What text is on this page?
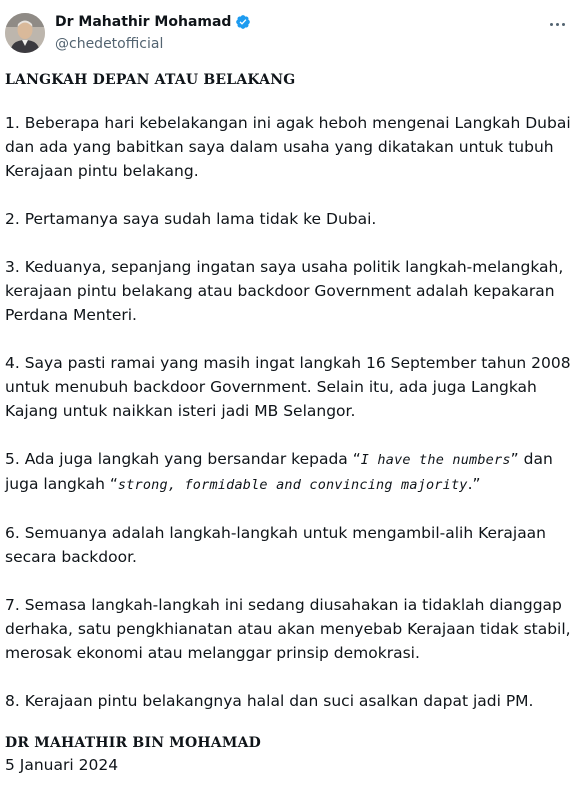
Dr Mahathir Mohamad
@chedetofficial
LANGKAH DEPAN ATAU BELAKANG
1. Beberapa hari kebelakangan ini agak heboh mengenai Langkah Dubai dan ada yang babitkan saya dalam usaha yang dikatakan untuk tubuh Kerajaan pintu belakang.
2. Pertamanya saya sudah lama tidak ke Dubai.
3. Keduanya, sepanjang ingatan saya usaha politik langkah-melangkah, kerajaan pintu belakang atau backdoor Government adalah kepakaran Perdana Menteri.
4. Saya pasti ramai yang masih ingat langkah 16 September tahun 2008 untuk menubuh backdoor Government. Selain itu, ada juga Langkah Kajang untuk naikkan isteri jadi MB Selangor.
5. Ada juga langkah yang bersandar kepada “I have the numbers” dan juga langkah “strong, formidable and convincing majority.”
6. Semuanya adalah langkah-langkah untuk mengambil-alih Kerajaan secara backdoor.
7. Semasa langkah-langkah ini sedang diusahakan ia tidaklah dianggap derhaka, satu pengkhianatan atau akan menyebab Kerajaan tidak stabil, merosak ekonomi atau melanggar prinsip demokrasi.
8. Kerajaan pintu belakangnya halal dan suci asalkan dapat jadi PM.
DR MAHATHIR BIN MOHAMAD
5 Januari 2024
